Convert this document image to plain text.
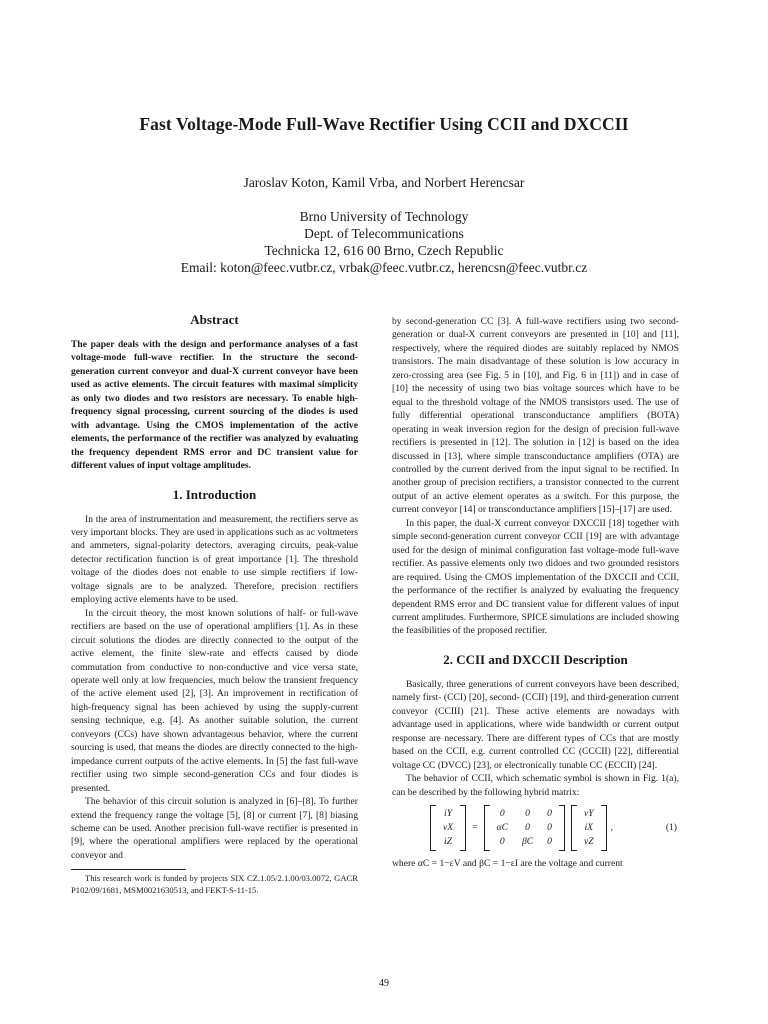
Fast Voltage-Mode Full-Wave Rectifier Using CCII and DXCCII
Jaroslav Koton, Kamil Vrba, and Norbert Herencsar
Brno University of Technology
Dept. of Telecommunications
Technicka 12, 616 00 Brno, Czech Republic
Email: koton@feec.vutbr.cz, vrbak@feec.vutbr.cz, herencsn@feec.vutbr.cz
Abstract

The paper deals with the design and performance analyses of a fast voltage-mode full-wave rectifier. In the structure the second-generation current conveyor and dual-X current conveyor have been used as active elements. The circuit features with maximal simplicity as only two diodes and two resistors are necessary. To enable high-frequency signal processing, current sourcing of the diodes is used with advantage. Using the CMOS implementation of the active elements, the performance of the rectifier was analyzed by evaluating the frequency dependent RMS error and DC transient value for different values of input voltage amplitudes.

1. Introduction

In the area of instrumentation and measurement, the rectifiers serve as very important blocks. They are used in applications such as ac voltmeters and ammeters, signal-polarity detectors, averaging circuits, peak-value detector rectification function is of great importance [1]. The threshold voltage of the diodes does not enable to use simple rectifiers if low-voltage signals are to be analyzed. Therefore, precision rectifiers employing active elements have to be used.

In the circuit theory, the most known solutions of half- or full-wave rectifiers are based on the use of operational amplifiers [1]. As in these circuit solutions the diodes are directly connected to the output of the active element, the finite slew-rate and effects caused by diode commutation from conductive to non-conductive and vice versa state, operate well only at low frequencies, much below the transient frequency of the active element used [2], [3]. An improvement in rectification of high-frequency signal has been achieved by using the supply-current sensing technique, e.g. [4]. As another suitable solution, the current conveyors (CCs) have shown advantageous behavior, where the current sourcing is used, that means the diodes are directly connected to the high-impedance current outputs of the active elements. In [5] the fast full-wave rectifier using two simple second-generation CCs and four diodes is presented.

The behavior of this circuit solution is analyzed in [6]–[8]. To further extend the frequency range the voltage [5], [8] or current [7], [8] biasing scheme can be used. Another precision full-wave rectifier is presented in [9], where the operational amplifiers were replaced by the operational conveyor and

This research work is funded by projects SIX CZ.1.05/2.1.00/03.0072, GACR P102/09/1681, MSM0021630513, and FEKT-S-11-15.

by second-generation CC [3]. A full-wave rectifiers using two second-generation or dual-X current conveyors are presented in [10] and [11], respectively, where the required diodes are suitably replaced by NMOS transistors. The main disadvantage of these solution is low accuracy in zero-crossing area (see Fig. 5 in [10], and Fig. 6 in [11]) and in case of [10] the necessity of using two bias voltage sources which have to be equal to the threshold voltage of the NMOS transistors used. The use of fully differential operational transconductance amplifiers (BOTA) operating in weak inversion region for the design of precision full-wave rectifiers is presented in [12]. The solution in [12] is based on the idea discussed in [13], where simple transconductance amplifiers (OTA) are controlled by the current derived from the input signal to be rectified. In another group of precision rectifiers, a transistor connected to the current output of an active element operates as a switch. For this purpose, the current conveyor [14] or transconductance amplifiers [15]–[17] are used.

In this paper, the dual-X current conveyor DXCCII [18] together with simple second-generation current conveyor CCII [19] are with advantage used for the design of minimal configuration fast voltage-mode full-wave rectifier. As passive elements only two didoes and two grounded resistors are required. Using the CMOS implementation of the DXCCII and CCII, the performance of the rectifier is analyzed by evaluating the frequency dependent RMS error and DC transient value for different values of input current amplitudes. Furthermore, SPICE simulations are included showing the feasibilities of the proposed rectifier.

2. CCII and DXCCII Description

Basically, three generations of current conveyors have been described, namely first- (CCI) [20], second- (CCII) [19], and third-generation current conveyor (CCIII) [21]. These active elements are nowadays with advantage used in applications, where wide bandwidth or current output response are necessary. There are different types of CCs that are mostly based on the CCII, e.g. current controlled CC (CCCII) [22], differential voltage CC (DVCC) [23], or electronically tunable CC (ECCII) [24].

The behavior of CCII, which schematic symbol is shown in Fig. 1(a), can be described by the following hybrid matrix:

iY
vX
iZ
=
0	0	0
αC	0	0
0	βC	0
vY
iX
vZ
,	(1)

where αC = 1−εV and βC = 1−εI are the voltage and current

49
